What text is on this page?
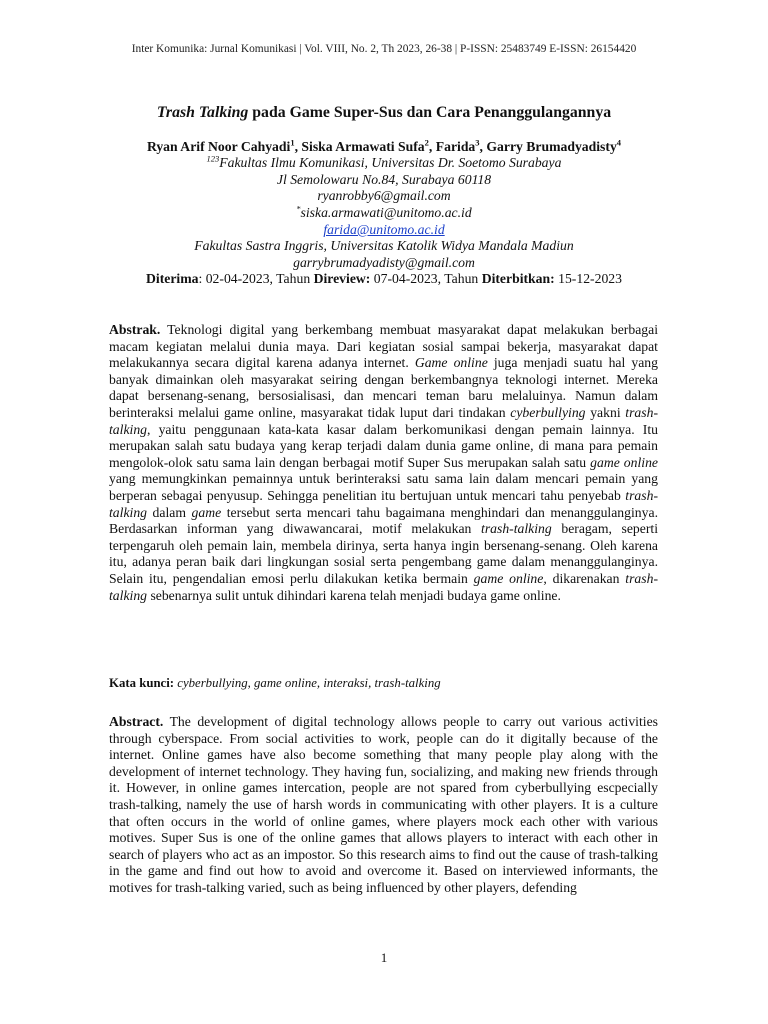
Inter Komunika: Jurnal Komunikasi | Vol. VIII, No. 2, Th 2023, 26-38 | P-ISSN: 25483749 E-ISSN: 26154420
Trash Talking pada Game Super-Sus dan Cara Penanggulangannya
Ryan Arif Noor Cahyadi$^1$, Siska Armawati Sufa$^2$, Farida$^3$, Garry Brumadyadisty$^4$
$^{123}$Fakultas Ilmu Komunikasi, Universitas Dr. Soetomo Surabaya
Jl Semolowaru No.84, Surabaya 60118
ryanrobby6@gmail.com
*siska.armawati@unitomo.ac.id
farida@unitomo.ac.id
Fakultas Sastra Inggris, Universitas Katolik Widya Mandala Madiun
garrybrumadyadisty@gmail.com
Diterima: 02-04-2023, Tahun Direview: 07-04-2023, Tahun Diterbitkan: 15-12-2023
Abstrak. Teknologi digital yang berkembang membuat masyarakat dapat melakukan berbagai macam kegiatan melalui dunia maya. Dari kegiatan sosial sampai bekerja, masyarakat dapat melakukannya secara digital karena adanya internet. Game online juga menjadi suatu hal yang banyak dimainkan oleh masyarakat seiring dengan berkembangnya teknologi internet. Mereka dapat bersenang-senang, bersosialisasi, dan mencari teman baru melaluinya. Namun dalam berinteraksi melalui game online, masyarakat tidak luput dari tindakan cyberbullying yakni trash-talking, yaitu penggunaan kata-kata kasar dalam berkomunikasi dengan pemain lainnya. Itu merupakan salah satu budaya yang kerap terjadi dalam dunia game online, di mana para pemain mengolok-olok satu sama lain dengan berbagai motif Super Sus merupakan salah satu game online yang memungkinkan pemainnya untuk berinteraksi satu sama lain dalam mencari pemain yang berperan sebagai penyusup. Sehingga penelitian itu bertujuan untuk mencari tahu penyebab trash-talking dalam game tersebut serta mencari tahu bagaimana menghindari dan menanggulanginya. Berdasarkan informan yang diwawancarai, motif melakukan trash-talking beragam, seperti terpengaruh oleh pemain lain, membela dirinya, serta hanya ingin bersenang-senang. Oleh karena itu, adanya peran baik dari lingkungan sosial serta pengembang game dalam menanggulanginya. Selain itu, pengendalian emosi perlu dilakukan ketika bermain game online, dikarenakan trash-talking sebenarnya sulit untuk dihindari karena telah menjadi budaya game online.
Kata kunci: cyberbullying, game online, interaksi, trash-talking
Abstract. The development of digital technology allows people to carry out various activities through cyberspace. From social activities to work, people can do it digitally because of the internet. Online games have also become something that many people play along with the development of internet technology. They having fun, socializing, and making new friends through it. However, in online games intercation, people are not spared from cyberbullying escpecially trash-talking, namely the use of harsh words in communicating with other players. It is a culture that often occurs in the world of online games, where players mock each other with various motives. Super Sus is one of the online games that allows players to interact with each other in search of players who act as an impostor. So this research aims to find out the cause of trash-talking in the game and find out how to avoid and overcome it. Based on interviewed informants, the motives for trash-talking varied, such as being influenced by other players, defending
1
